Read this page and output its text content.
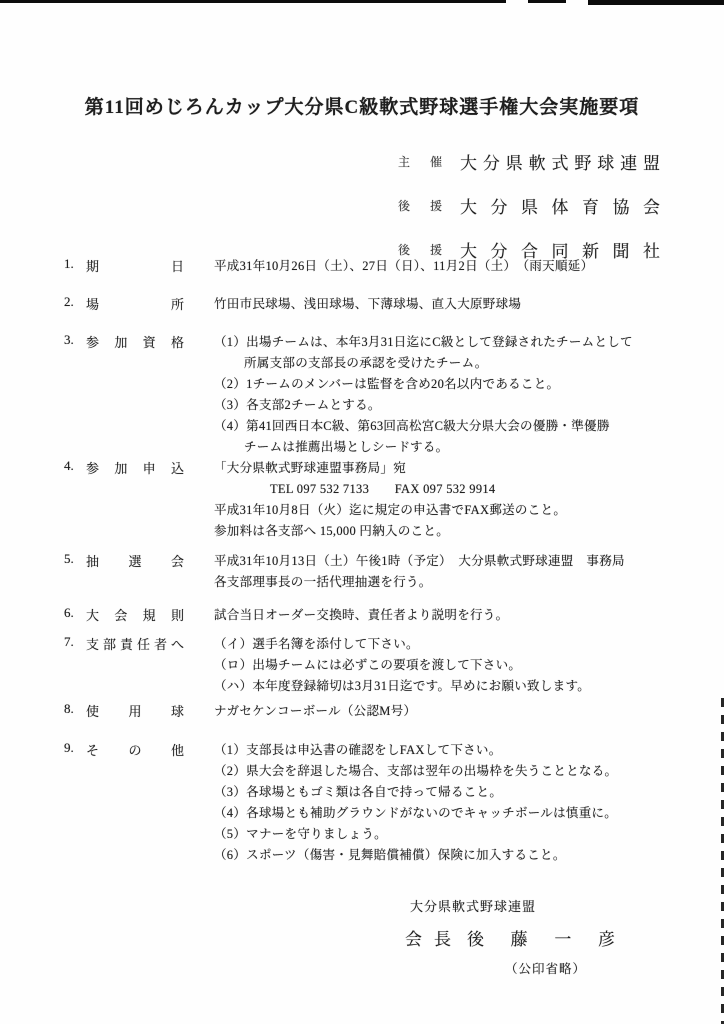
第11回めじろんカップ大分県C級軟式野球選手権大会実施要項
主催 大分県軟式野球連盟
後援 大分県体育協会
後援 大分合同新聞社
1. 期日 平成31年10月26日（土）、27日（日）、11月2日（土）　（雨天順延）
2. 場所 竹田市民球場、浅田球場、下薄球場、直入大原野球場
3. 参加資格 （1）出場チームは、本年3月31日迄にC級として登録されたチームとして
所属支部の支部長の承認を受けたチーム。
（2）1チームのメンバーは監督を含め20名以内であること。
（3）各支部2チームとする。
（4）第41回西日本C級、第63回高松宮C級大分県大会の優勝・準優勝
チームは推薦出場としシードする。
4. 参加申込 「大分県軟式野球連盟事務局」宛
TEL 097 532 7133　　FAX 097 532 9914
平成31年10月8日（火）迄に規定の申込書でFAX郵送のこと。
参加料は各支部へ 15,000 円納入のこと。
5. 抽選会 平成31年10月13日（土）午後1時（予定）　大分県軟式野球連盟　事務局
各支部理事長の一括代理抽選を行う。
6. 大会規則 試合当日オーダー交換時、責任者より説明を行う。
7. 支部責任者へ （イ）選手名簿を添付して下さい。
（ロ）出場チームには必ずこの要項を渡して下さい。
（ハ）本年度登録締切は3月31日迄です。早めにお願い致します。
8. 使用球 ナガセケンコーボール（公認M号）
9. その他 （1）支部長は申込書の確認をしFAXして下さい。
（2）県大会を辞退した場合、支部は翌年の出場枠を失うこととなる。
（3）各球場ともゴミ類は各自で持って帰ること。
（4）各球場とも補助グラウンドがないのでキャッチボールは慎重に。
（5）マナーを守りましょう。
（6）スポーツ（傷害・見舞賠償補償）保険に加入すること。
大分県軟式野球連盟
会長 後藤一彦
（公印省略）
